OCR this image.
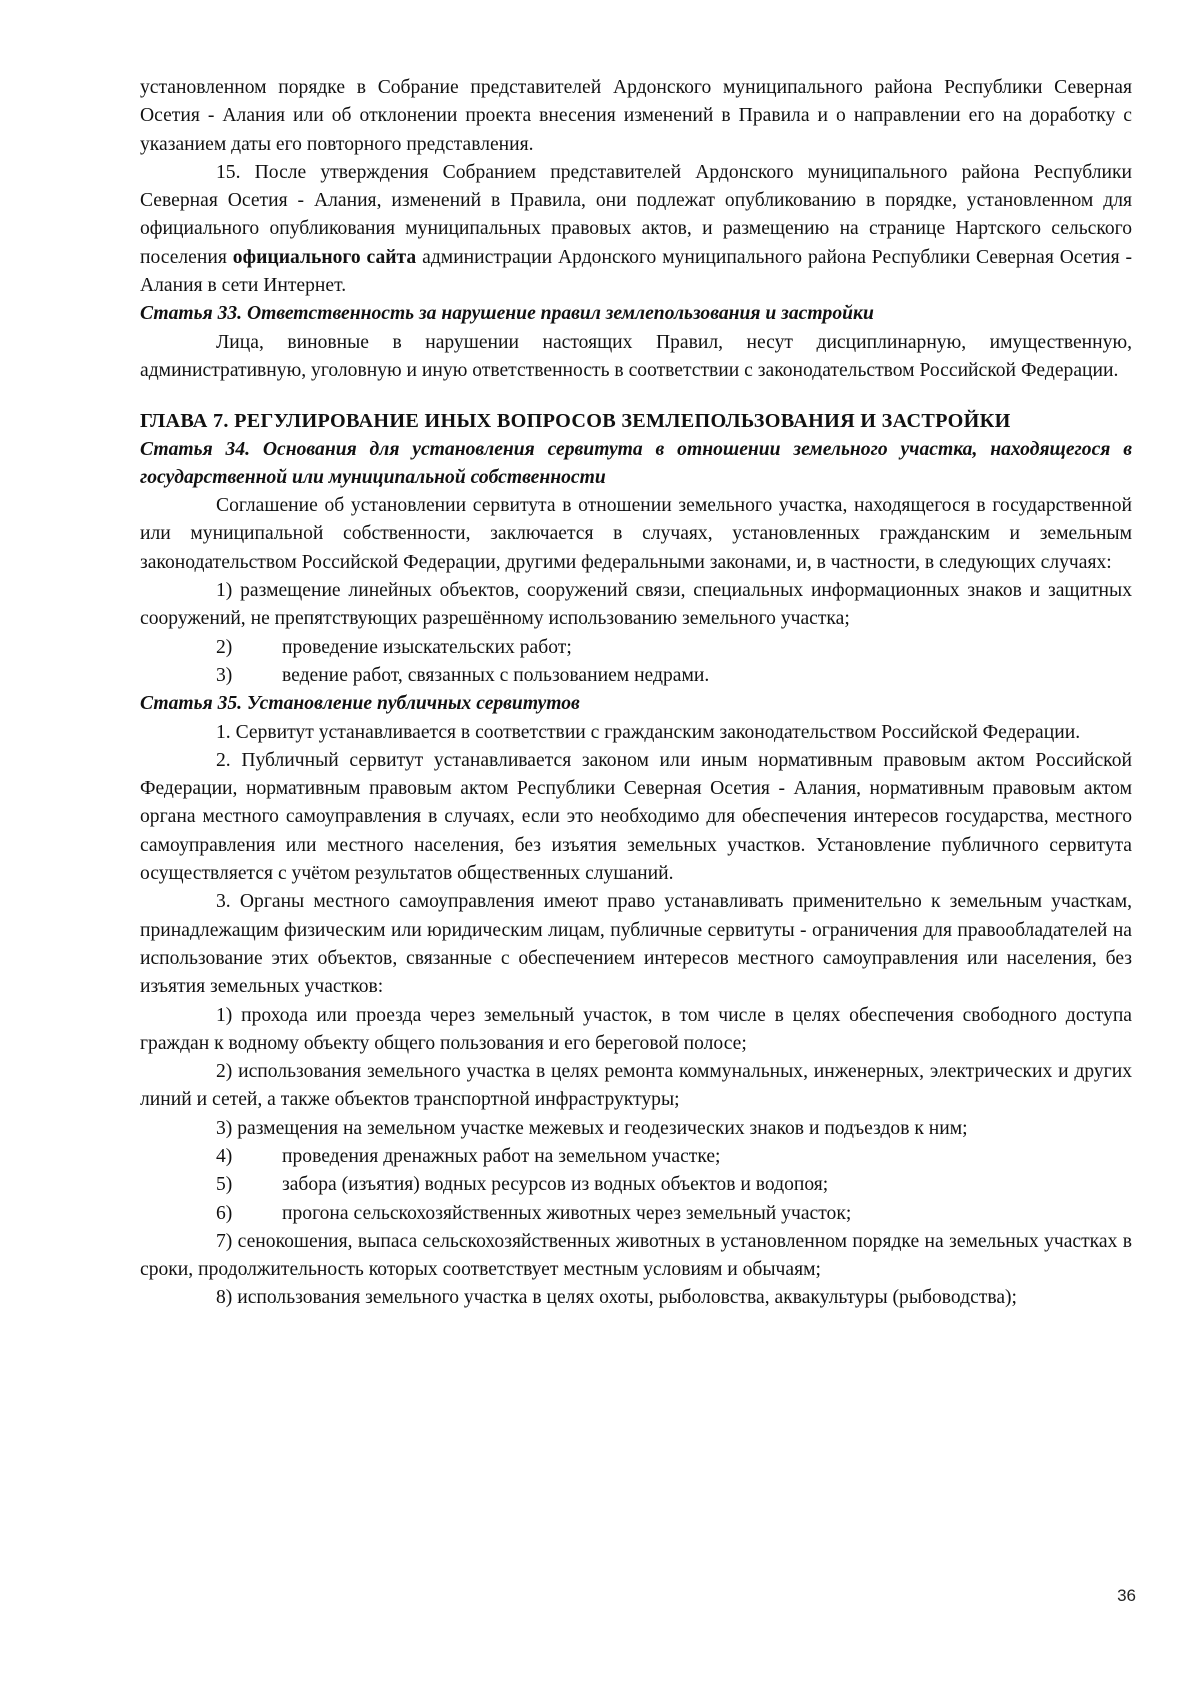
установленном порядке в Собрание представителей Ардонского муниципального района Республики Северная Осетия - Алания или об отклонении проекта внесения изменений в Правила и о направлении его на доработку с указанием даты его повторного представления.

15. После утверждения Собранием представителей Ардонского муниципального района Республики Северная Осетия - Алания, изменений в Правила, они подлежат опубликованию в порядке, установленном для официального опубликования муниципальных правовых актов, и размещению на странице Нартского сельского поселения официального сайта администрации Ардонского муниципального района Республики Северная Осетия - Алания в сети Интернет.

Статья 33. Ответственность за нарушение правил землепользования и застройки

Лица, виновные в нарушении настоящих Правил, несут дисциплинарную, имущественную, административную, уголовную и иную ответственность в соответствии с законодательством Российской Федерации.

ГЛАВА 7. РЕГУЛИРОВАНИЕ ИНЫХ ВОПРОСОВ ЗЕМЛЕПОЛЬЗОВАНИЯ И ЗАСТРОЙКИ

Статья 34. Основания для установления сервитута в отношении земельного участка, находящегося в государственной или муниципальной собственности

Соглашение об установлении сервитута в отношении земельного участка, находящегося в государственной или муниципальной собственности, заключается в случаях, установленных гражданским и земельным законодательством Российской Федерации, другими федеральными законами, и, в частности, в следующих случаях:

1) размещение линейных объектов, сооружений связи, специальных информационных знаков и защитных сооружений, не препятствующих разрешённому использованию земельного участка;

2)	проведение изыскательских работ;
3)	ведение работ, связанных с пользованием недрами.

Статья 35. Установление публичных сервитутов

1. Сервитут устанавливается в соответствии с гражданским законодательством Российской Федерации.

2. Публичный сервитут устанавливается законом или иным нормативным правовым актом Российской Федерации, нормативным правовым актом Республики Северная Осетия - Алания, нормативным правовым актом органа местного самоуправления в случаях, если это необходимо для обеспечения интересов государства, местного самоуправления или местного населения, без изъятия земельных участков. Установление публичного сервитута осуществляется с учётом результатов общественных слушаний.

3. Органы местного самоуправления имеют право устанавливать применительно к земельным участкам, принадлежащим физическим или юридическим лицам, публичные сервитуты - ограничения для правообладателей на использование этих объектов, связанные с обеспечением интересов местного самоуправления или населения, без изъятия земельных участков:

1) прохода или проезда через земельный участок, в том числе в целях обеспечения свободного доступа граждан к водному объекту общего пользования и его береговой полосе;

2) использования земельного участка в целях ремонта коммунальных, инженерных, электрических и других линий и сетей, а также объектов транспортной инфраструктуры;

3) размещения на земельном участке межевых и геодезических знаков и подъездов к ним;

4)	проведения дренажных работ на земельном участке;
5)	забора (изъятия) водных ресурсов из водных объектов и водопоя;
6)	прогона сельскохозяйственных животных через земельный участок;

7) сенокошения, выпаса сельскохозяйственных животных в установленном порядке на земельных участках в сроки, продолжительность которых соответствует местным условиям и обычаям;

8) использования земельного участка в целях охоты, рыболовства, аквакультуры (рыбоводства);

36
